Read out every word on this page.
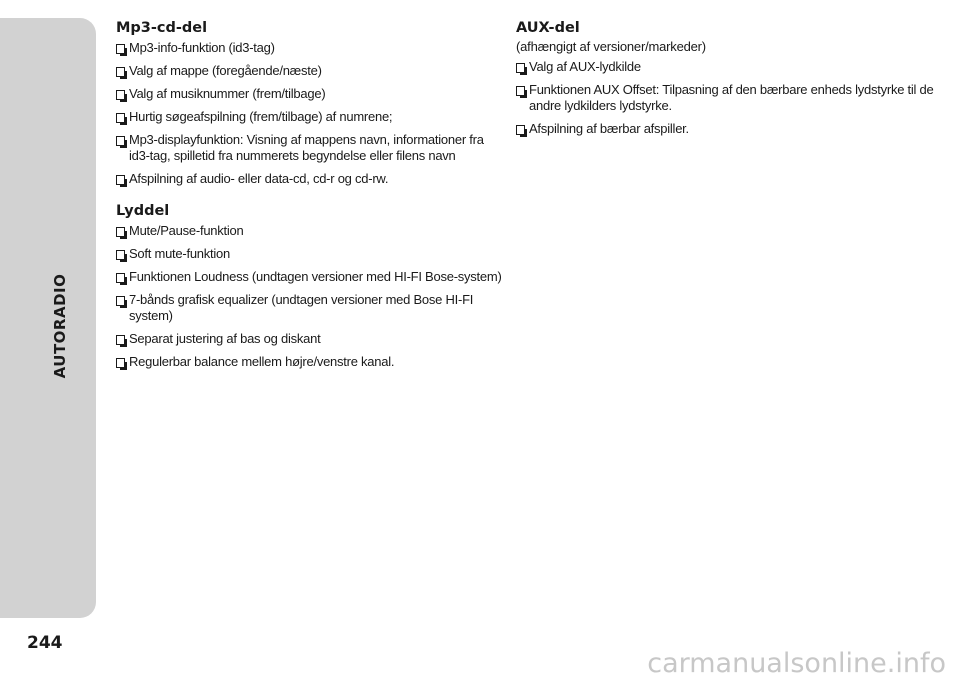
AUTORADIO
244
carmanualsonline.info
Mp3-cd-del
Mp3-info-funktion (id3-tag)
Valg af mappe (foregående/næste)
Valg af musiknummer (frem/tilbage)
Hurtig søgeafspilning (frem/tilbage) af numrene;
Mp3-displayfunktion: Visning af mappens navn, informationer fra id3-tag, spilletid fra nummerets begyndelse eller filens navn
Afspilning af audio- eller data-cd, cd-r og cd-rw.
Lyddel
Mute/Pause-funktion
Soft mute-funktion
Funktionen Loudness (undtagen versioner med HI-FI Bose-system)
7-bånds grafisk equalizer (undtagen versioner med Bose HI-FI system)
Separat justering af bas og diskant
Regulerbar balance mellem højre/venstre kanal.
AUX-del

(afhængigt af versioner/markeder)

Valg af AUX-lydkilde
Funktionen AUX Offset: Tilpasning af den bærbare enheds lydstyrke til de andre lydkilders lydstyrke.
Afspilning af bærbar afspiller.
